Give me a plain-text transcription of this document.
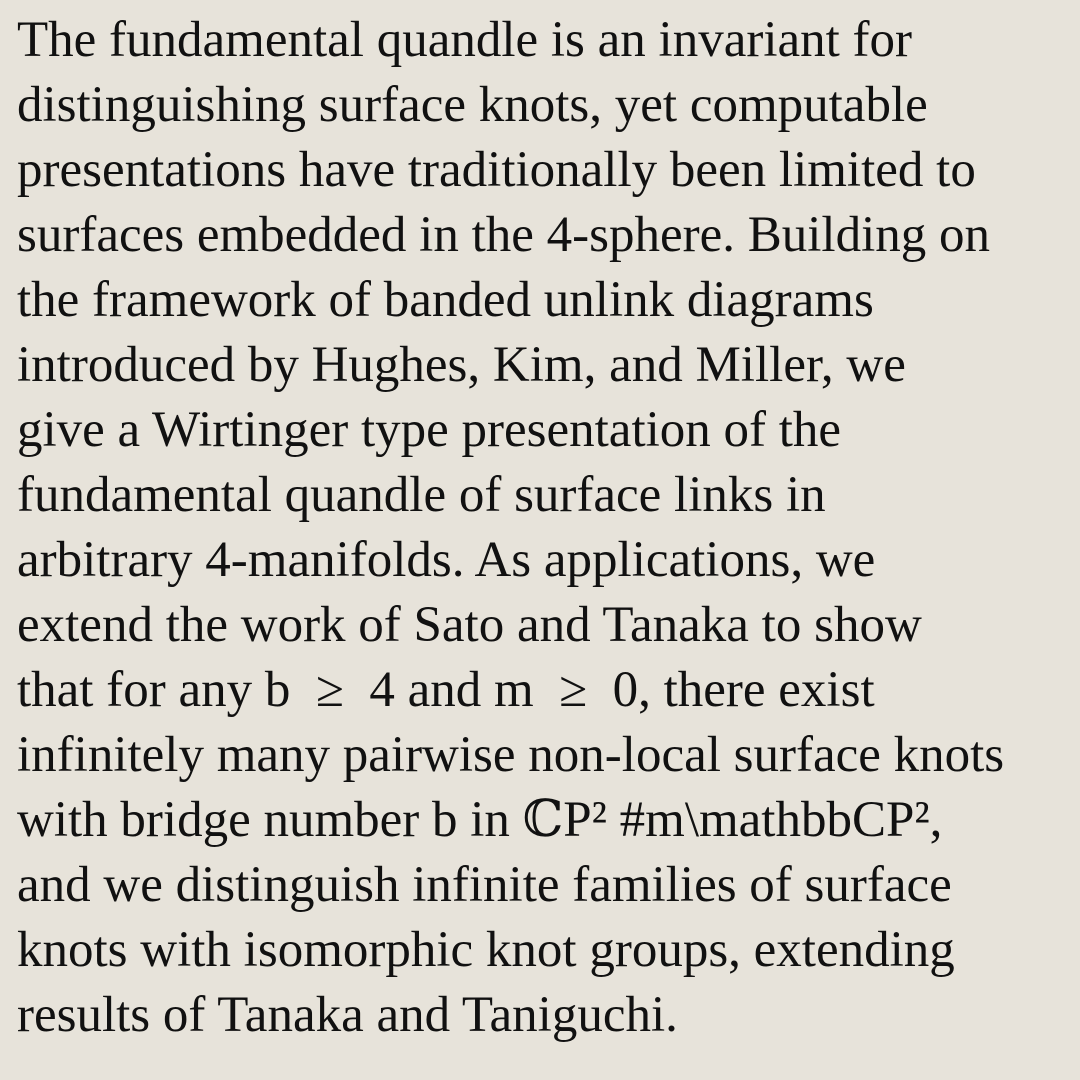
The fundamental quandle is an invariant for
distinguishing surface knots, yet computable
presentations have traditionally been limited to
surfaces embedded in the 4-sphere. Building on
the framework of banded unlink diagrams
introduced by Hughes, Kim, and Miller, we
give a Wirtinger type presentation of the
fundamental quandle of surface links in
arbitrary 4-manifolds. As applications, we
extend the work of Sato and Tanaka to show
that for any b  ≥  4 and m  ≥  0, there exist
infinitely many pairwise non-local surface knots
with bridge number b in ℂP² #m\mathbbCP²,
and we distinguish infinite families of surface
knots with isomorphic knot groups, extending
results of Tanaka and Taniguchi.
